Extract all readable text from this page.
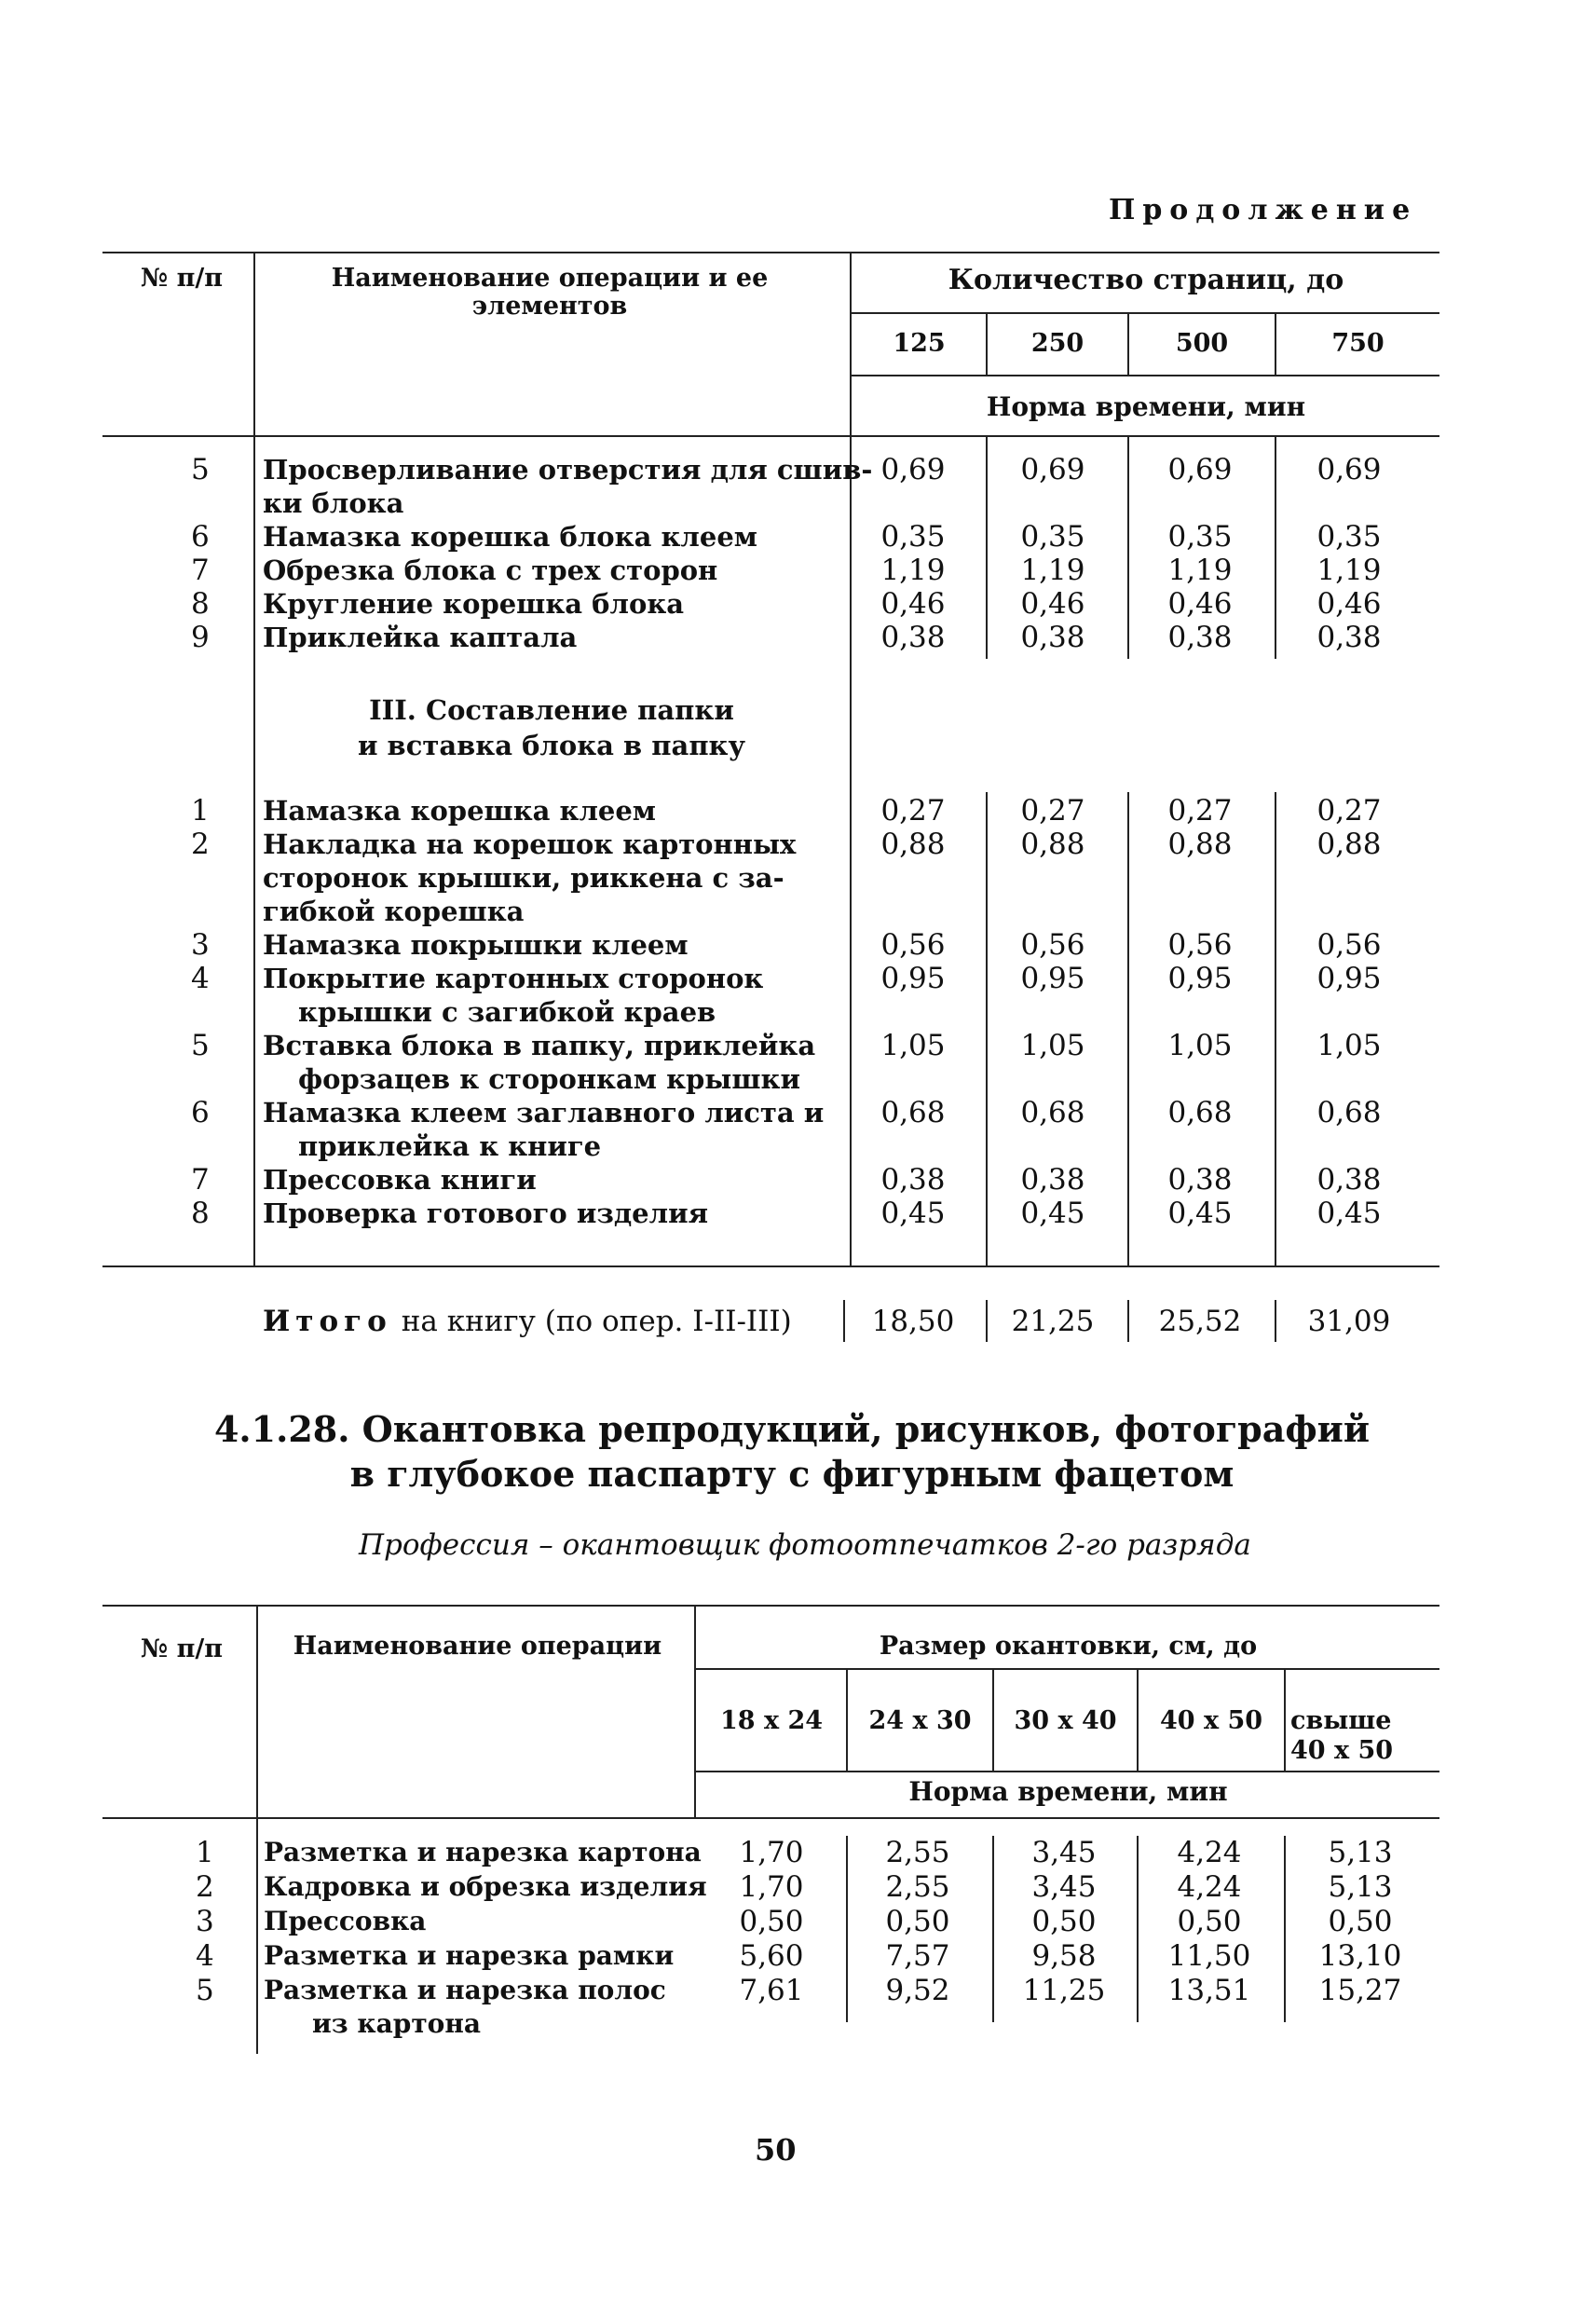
Продолжение
№ п/п	Наименование операции и ее элементов
Количество страниц, до
125	250	500	750
Норма времени, мин
5 Просверливание отверстия для сшив-
ки блока
0,69	0,69	0,69	0,69
6 Намазка корешка блока клеем	0,35	0,35	0,35	0,35
7 Обрезка блока с трех сторон	1,19	1,19	1,19	1,19
8 Кругление корешка блока	0,46	0,46	0,46	0,46
9 Приклейка каптала	0,38	0,38	0,38	0,38
III. Составление папки
и вставка блока в папку
1 Намазка корешка клеем	0,27	0,27	0,27	0,27
2 Накладка на корешок картонных
сторонок крышки, риккена с за-
гибкой корешка
0,88	0,88	0,88	0,88
3 Намазка покрышки клеем	0,56	0,56	0,56	0,56
4 Покрытие картонных сторонок
крышки с загибкой краев
0,95	0,95	0,95	0,95
5 Вставка блока в папку, приклейка
форзацев к сторонкам крышки
1,05	1,05	1,05	1,05
6 Намазка клеем заглавного листа и
приклейка к книге
0,68	0,68	0,68	0,68
7 Прессовка книги	0,38	0,38	0,38	0,38
8 Проверка готового изделия	0,45	0,45	0,45	0,45
Итого на книгу (по опер. I-II-III)	18,50	21,25	25,52	31,09
4.1.28. Окантовка репродукций, рисунков, фотографий
в глубокое паспарту с фигурным фацетом
Профессия – окантовщик фотоотпечатков 2-го разряда
№ п/п	Наименование операции	Размер окантовки, см, до
18 x 24	24 x 30	30 x 40	40 x 50	свыше
40 x 50
Норма времени, мин
1 Разметка и нарезка картона	1,70	2,55	3,45	4,24	5,13
2 Кадровка и обрезка изделия	1,70	2,55	3,45	4,24	5,13
3 Прессовка	0,50	0,50	0,50	0,50	0,50
4 Разметка и нарезка рамки	5,60	7,57	9,58	11,50	13,10
5 Разметка и нарезка полос
из картона
7,61	9,52	11,25	13,51	15,27
50
